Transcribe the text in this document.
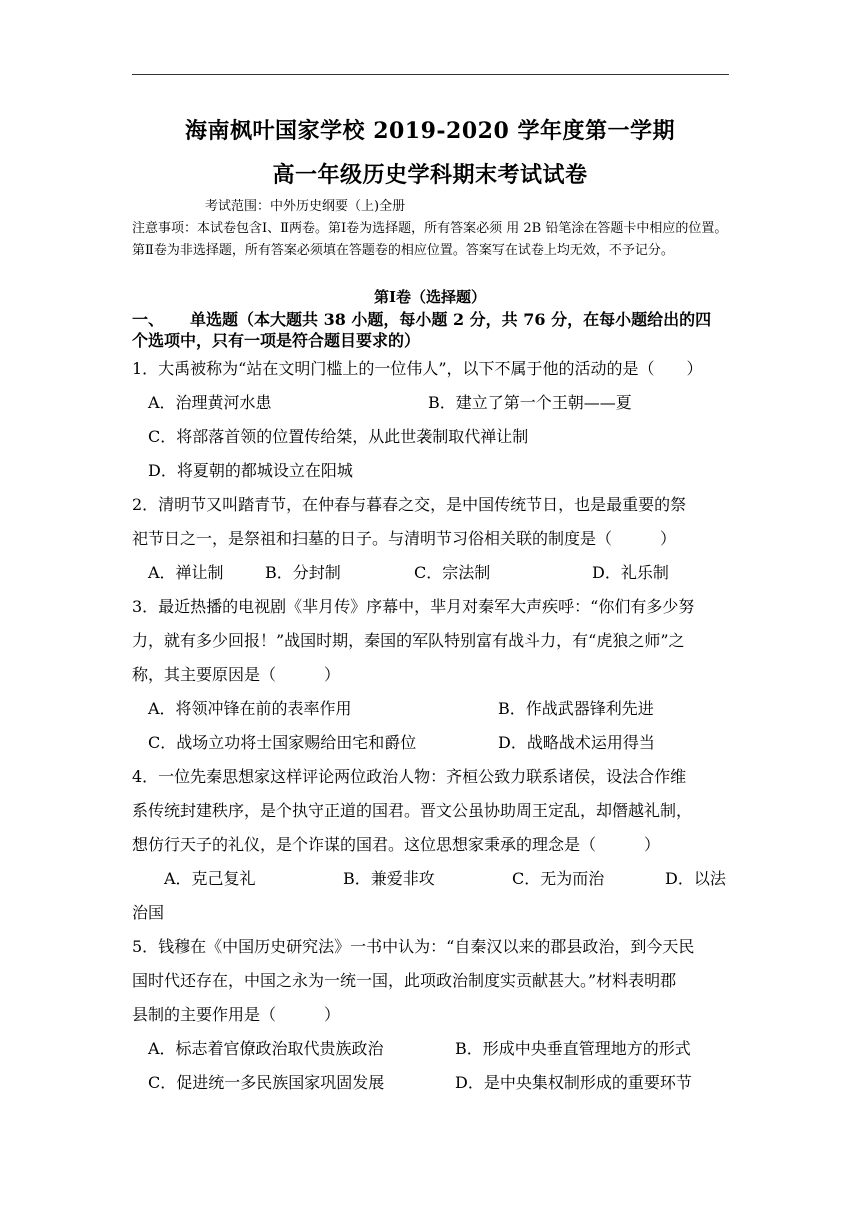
海南枫叶国家学校 2019-2020 学年度第一学期
高一年级历史学科期末考试试卷
考试范围：中外历史纲要（上)全册
注意事项：本试卷包含Ⅰ、Ⅱ两卷。第Ⅰ卷为选择题，所有答案必须 用 2B 铅笔涂在答题卡中相应的位置。第Ⅱ卷为非选择题，所有答案必须填在答题卷的相应位置。答案写在试卷上均无效，不予记分。
第Ⅰ卷（选择题）
一、 单选题（本大题共 38 小题，每小题 2 分，共 76 分，在每小题给出的四
个选项中，只有一项是符合题目要求的）
1．大禹被称为“站在文明门槛上的一位伟人”，以下不属于他的活动的是（　　）
A．治理黄河水患	B．建立了第一个王朝——夏
C．将部落首领的位置传给桀，从此世袭制取代禅让制
D．将夏朝的都城设立在阳城
2．清明节又叫踏青节，在仲春与暮春之交，是中国传统节日，也是最重要的祭
祀节日之一，是祭祖和扫墓的日子。与清明节习俗相关联的制度是（　　　）
A．禅让制	B．分封制	C．宗法制	D．礼乐制
3．最近热播的电视剧《芈月传》序幕中，芈月对秦军大声疾呼：“你们有多少努
力，就有多少回报！”战国时期，秦国的军队特别富有战斗力，有“虎狼之师”之
称，其主要原因是（　　　）
A．将领冲锋在前的表率作用	B．作战武器锋利先进
C．战场立功将士国家赐给田宅和爵位	D．战略战术运用得当
4．一位先秦思想家这样评论两位政治人物：齐桓公致力联系诸侯，设法合作维
系传统封建秩序，是个执守正道的国君。晋文公虽协助周王定乱，却僭越礼制，
想仿行天子的礼仪，是个诈谋的国君。这位思想家秉承的理念是（　　　）
A．克己复礼	B．兼爱非攻	C．无为而治	D．以法
治国
5．钱穆在《中国历史研究法》一书中认为：“自秦汉以来的郡县政治，到今天民
国时代还存在，中国之永为一统一国，此项政治制度实贡献甚大。”材料表明郡
县制的主要作用是（　　　）
A．标志着官僚政治取代贵族政治	B．形成中央垂直管理地方的形式
C．促进统一多民族国家巩固发展	D．是中央集权制形成的重要环节
